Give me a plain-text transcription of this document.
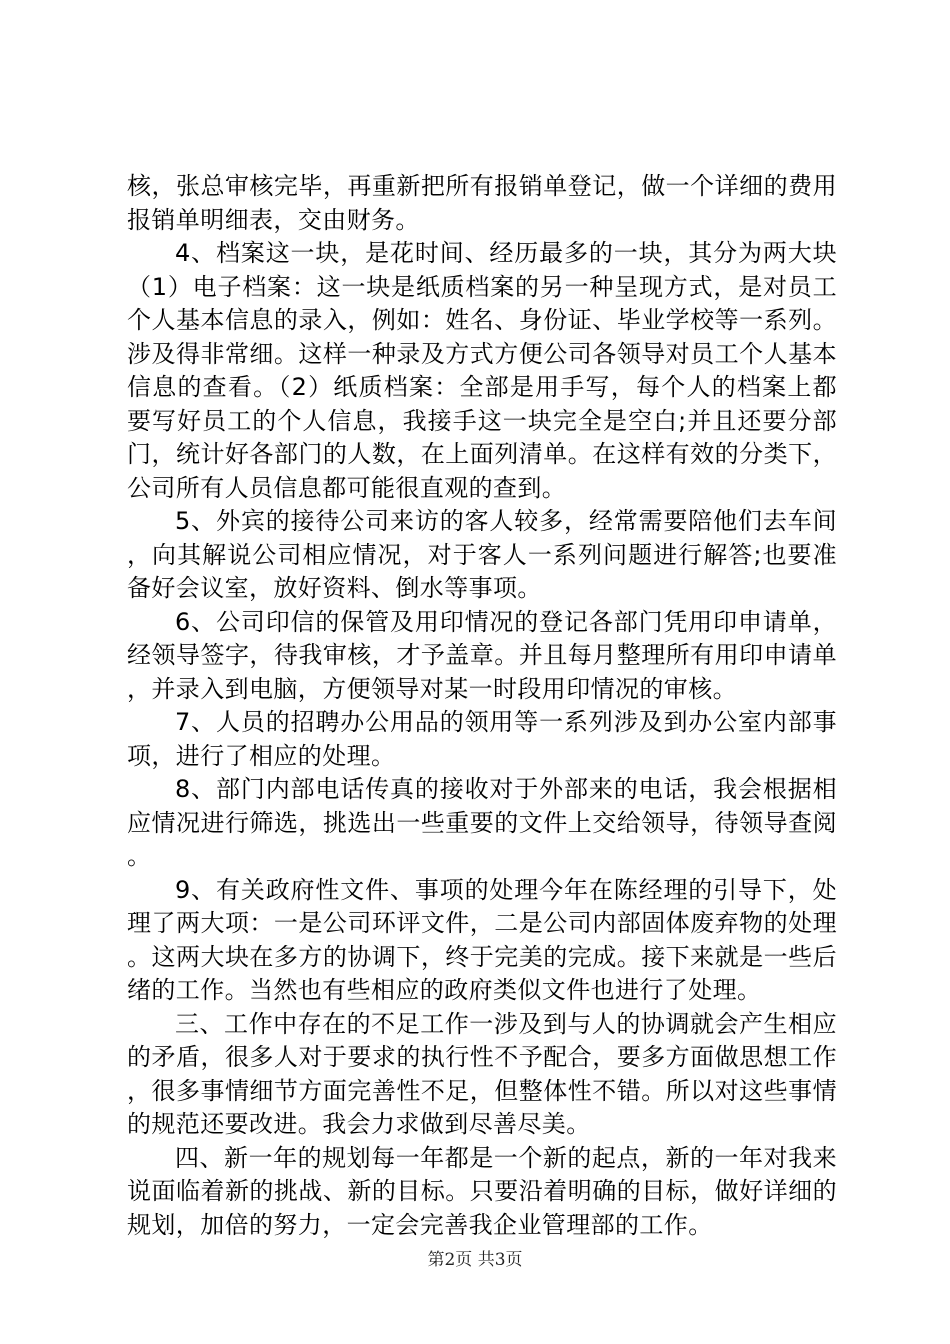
核，张总审核完毕，再重新把所有报销单登记，做一个详细的费用报销单明细表，交由财务。

4、档案这一块，是花时间、经历最多的一块，其分为两大块（1）电子档案：这一块是纸质档案的另一种呈现方式，是对员工个人基本信息的录入，例如：姓名、身份证、毕业学校等一系列。涉及得非常细。这样一种录及方式方便公司各领导对员工个人基本信息的查看。（2）纸质档案：全部是用手写，每个人的档案上都要写好员工的个人信息，我接手这一块完全是空白;并且还要分部门，统计好各部门的人数，在上面列清单。在这样有效的分类下，公司所有人员信息都可能很直观的查到。

5、外宾的接待公司来访的客人较多，经常需要陪他们去车间，向其解说公司相应情况，对于客人一系列问题进行解答;也要准备好会议室，放好资料、倒水等事项。

6、公司印信的保管及用印情况的登记各部门凭用印申请单，经领导签字，待我审核，才予盖章。并且每月整理所有用印申请单，并录入到电脑，方便领导对某一时段用印情况的审核。

7、人员的招聘办公用品的领用等一系列涉及到办公室内部事项，进行了相应的处理。

8、部门内部电话传真的接收对于外部来的电话，我会根据相应情况进行筛选，挑选出一些重要的文件上交给领导，待领导查阅。

9、有关政府性文件、事项的处理今年在陈经理的引导下，处理了两大项：一是公司环评文件，二是公司内部固体废弃物的处理。这两大块在多方的协调下，终于完美的完成。接下来就是一些后绪的工作。当然也有些相应的政府类似文件也进行了处理。

三、工作中存在的不足工作一涉及到与人的协调就会产生相应的矛盾，很多人对于要求的执行性不予配合，要多方面做思想工作，很多事情细节方面完善性不足，但整体性不错。所以对这些事情的规范还要改进。我会力求做到尽善尽美。

四、新一年的规划每一年都是一个新的起点，新的一年对我来说面临着新的挑战、新的目标。只要沿着明确的目标，做好详细的规划，加倍的努力，一定会完善我企业管理部的工作。

第2页 共3页
